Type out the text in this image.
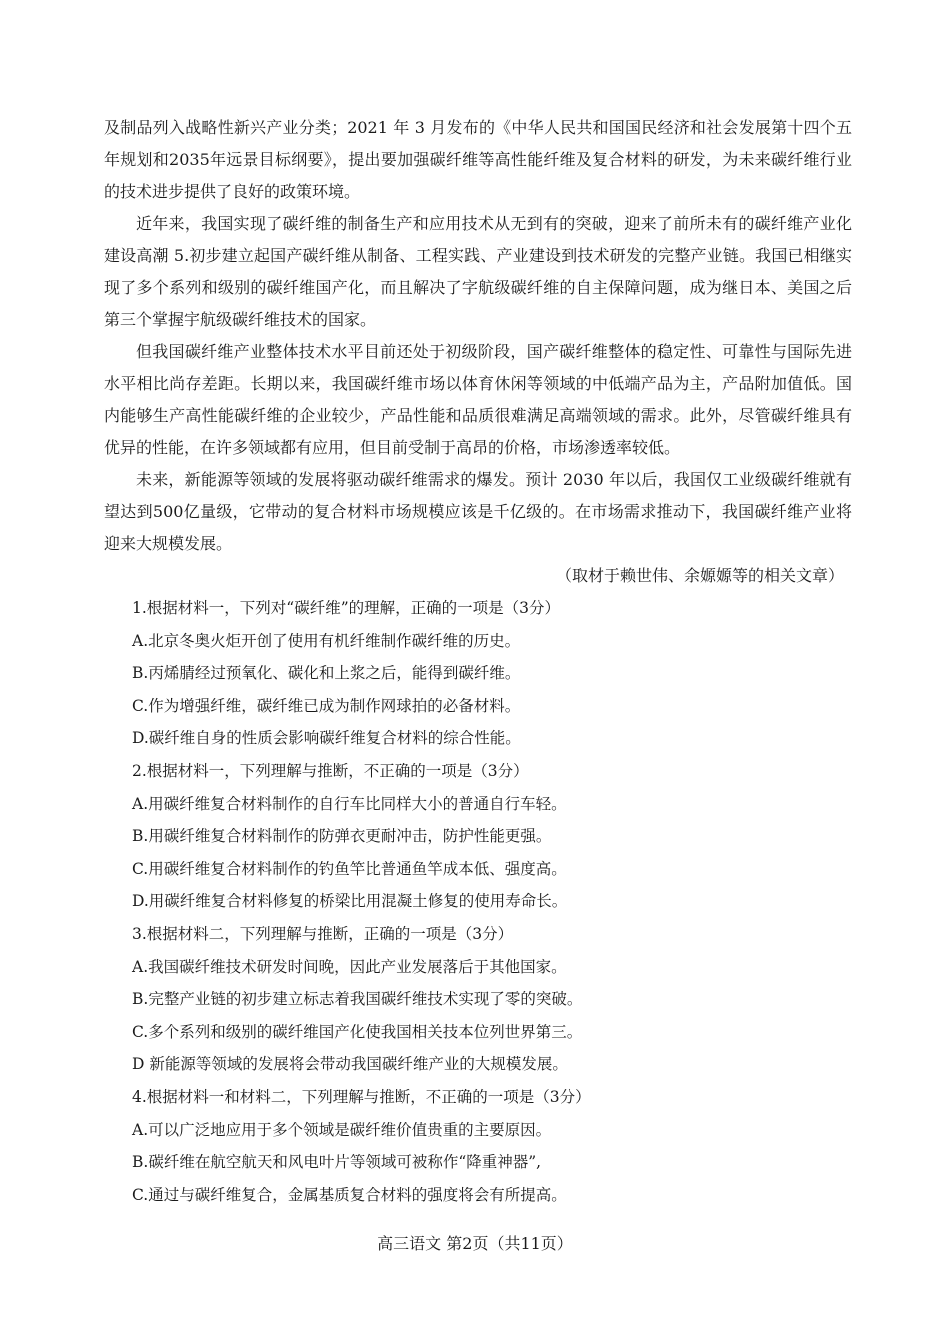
及制品列入战略性新兴产业分类；2021 年 3 月发布的《中华人民共和国国民经济和社会发展第十四个五年规划和2035年远景目标纲要》，提出要加强碳纤维等高性能纤维及复合材料的研发，为未来碳纤维行业的技术进步提供了良好的政策环境。

近年来，我国实现了碳纤维的制备生产和应用技术从无到有的突破，迎来了前所未有的碳纤维产业化建设高潮 5.初步建立起国产碳纤维从制备、工程实践、产业建设到技术研发的完整产业链。我国已相继实现了多个系列和级别的碳纤维国产化，而且解决了字航级碳纤维的自主保障问题，成为继日本、美国之后第三个掌握宇航级碳纤维技术的国家。

但我国碳纤维产业整体技术水平目前还处于初级阶段，国产碳纤维整体的稳定性、可靠性与国际先进水平相比尚存差距。长期以来，我国碳纤维市场以体育休闲等领域的中低端产品为主，产品附加值低。国内能够生产高性能碳纤维的企业较少，产品性能和品质很难满足高端领域的需求。此外，尽管碳纤维具有优异的性能，在许多领域都有应用，但目前受制于高昂的价格，市场渗透率较低。

未来，新能源等领域的发展将驱动碳纤维需求的爆发。预计 2030 年以后，我国仅工业级碳纤维就有望达到500亿量级，它带动的复合材料市场规模应该是千亿级的。在市场需求推动下，我国碳纤维产业将迎来大规模发展。

（取材于赖世伟、余嫄嫄等的相关文章）

1.根据材料一，下列对“碳纤维”的理解，正确的一项是（3分）

A.北京冬奥火炬开创了使用有机纤维制作碳纤维的历史。

B.丙烯腈经过预氧化、碳化和上浆之后，能得到碳纤维。

C.作为增强纤维，碳纤维已成为制作网球拍的必备材料。

D.碳纤维自身的性质会影响碳纤维复合材料的综合性能。

2.根据材料一，下列理解与推断，不正确的一项是（3分）

A.用碳纤维复合材料制作的自行车比同样大小的普通自行车轻。

B.用碳纤维复合材料制作的防弹衣更耐冲击，防护性能更强。

C.用碳纤维复合材料制作的钓鱼竿比普通鱼竿成本低、强度高。

D.用碳纤维复合材料修复的桥梁比用混凝土修复的使用寿命长。

3.根据材料二，下列理解与推断，正确的一项是（3分）

A.我国碳纤维技术研发时间晚，因此产业发展落后于其他国家。

B.完整产业链的初步建立标志着我国碳纤维技术实现了零的突破。

C.多个系列和级别的碳纤维国产化使我国相关技本位列世界第三。

D 新能源等领域的发展将会带动我国碳纤维产业的大规模发展。

4.根据材料一和材料二，下列理解与推断，不正确的一项是（3分）

A.可以广泛地应用于多个领域是碳纤维价值贵重的主要原因。

B.碳纤维在航空航天和风电叶片等领域可被称作“降重神器”,

C.通过与碳纤维复合，金属基质复合材料的强度将会有所提高。

高三语文 第2页（共11页）
